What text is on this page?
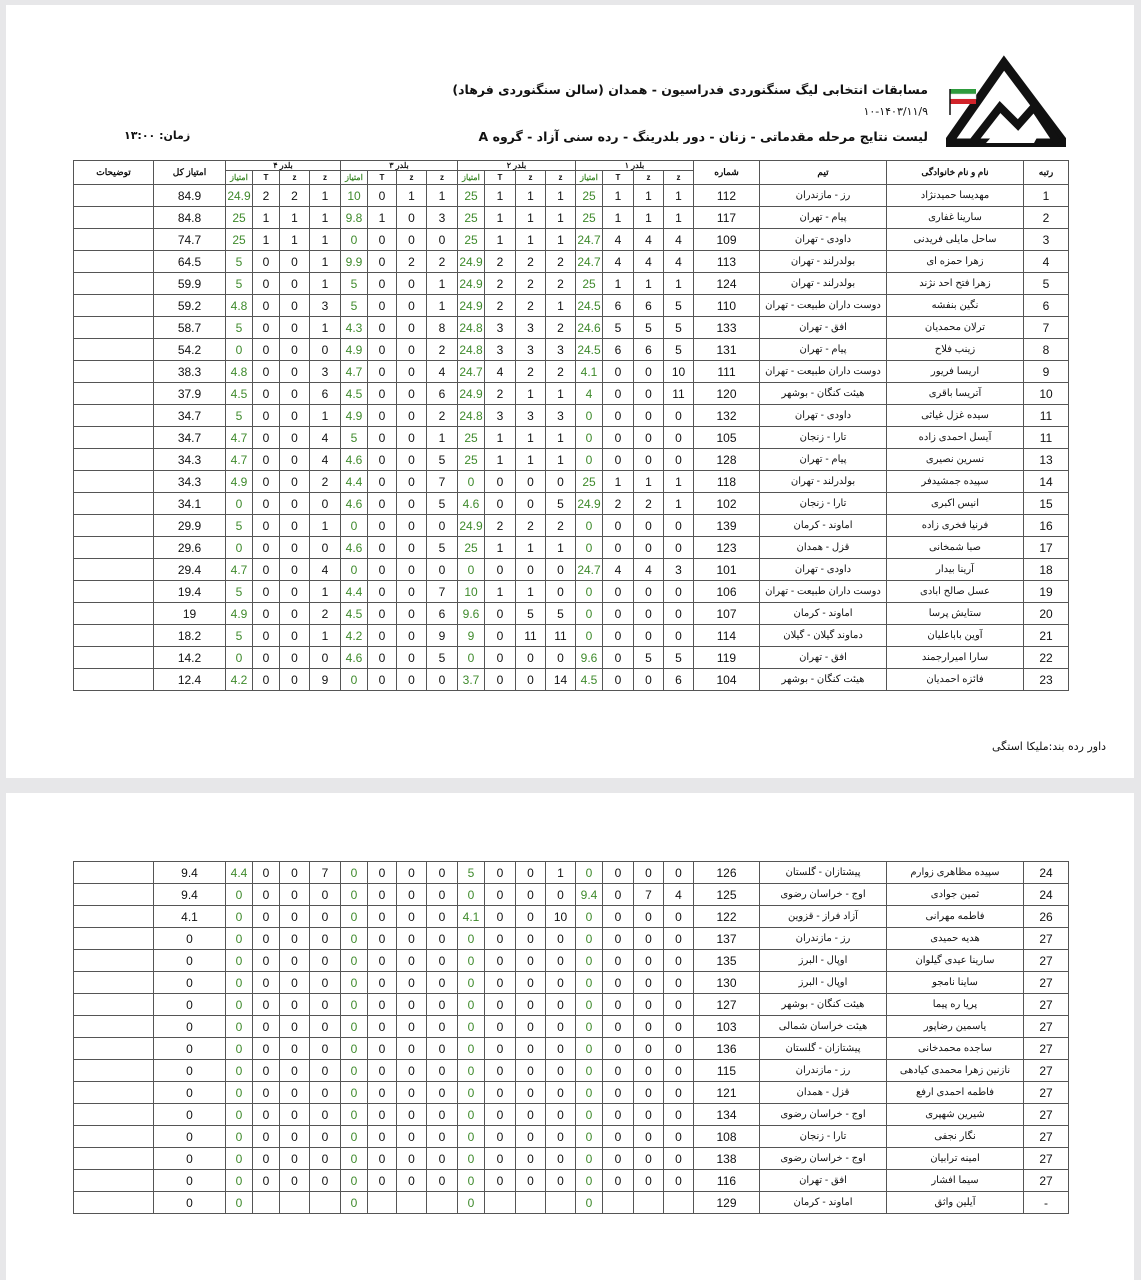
مسابقات انتخابی لیگ سنگنوردی فدراسیون - همدان (سالن سنگنوردی فرهاد)
۱۰-۱۴۰۳/۱۱/۹
لیست نتایج مرحله مقدماتی - زنان - دور بلدرینگ - رده سنی آزاد - گروه A
زمان: ۱۳:۰۰
توضیحات	امتیاز کل	بلدر ۴				بلدر ۳				بلدر ۲				بلدر ۱				شماره	تیم	نام و نام خانوادگی	رتبه
		امتیاز	T	z	z	امتیاز	T	z	z	امتیاز	T	z	z	امتیاز	T	z	z				
	84.9	24.9	2	2	1	10	0	1	1	25	1	1	1	25	1	1	1	112	رز - مازندران	مهدیسا حمیدنژاد	1
	84.8	25	1	1	1	9.8	1	0	3	25	1	1	1	25	1	1	1	117	پیام - تهران	سارینا غفاری	2
	74.7	25	1	1	1	0	0	0	0	25	1	1	1	24.7	4	4	4	109	داودی - تهران	ساحل مایلی فریدنی	3
	64.5	5	0	0	1	9.9	0	2	2	24.9	2	2	2	24.7	4	4	4	113	بولدرلند - تهران	زهرا حمزه ای	4
	59.9	5	0	0	1	5	0	0	1	24.9	2	2	2	25	1	1	1	124	بولدرلند - تهران	زهرا فتح احد نژند	5
	59.2	4.8	0	0	3	5	0	0	1	24.9	2	2	1	24.5	6	6	5	110	دوست داران طبیعت - تهران	نگین بنفشه	6
	58.7	5	0	0	1	4.3	0	0	8	24.8	3	3	2	24.6	5	5	5	133	افق - تهران	ترلان محمدیان	7
	54.2	0	0	0	0	4.9	0	0	2	24.8	3	3	3	24.5	6	6	5	131	پیام - تهران	زینب فلاح	8
	38.3	4.8	0	0	3	4.7	0	0	4	24.7	4	2	2	4.1	0	0	10	111	دوست داران طبیعت - تهران	اریسا فریور	9
	37.9	4.5	0	0	6	4.5	0	0	6	24.9	2	1	1	4	0	0	11	120	هیئت کنگان - بوشهر	آتریسا باقری	10
	34.7	5	0	0	1	4.9	0	0	2	24.8	3	3	3	0	0	0	0	132	داودی - تهران	سیده غزل غیاثی	11
	34.7	4.7	0	0	4	5	0	0	1	25	1	1	1	0	0	0	0	105	تارا - زنجان	آیسل احمدی زاده	11
	34.3	4.7	0	0	4	4.6	0	0	5	25	1	1	1	0	0	0	0	128	پیام - تهران	نسرین نصیری	13
	34.3	4.9	0	0	2	4.4	0	0	7	0	0	0	0	25	1	1	1	118	بولدرلند - تهران	سپیده جمشیدفر	14
	34.1	0	0	0	0	4.6	0	0	5	4.6	0	0	5	24.9	2	2	1	102	تارا - زنجان	انیس اکبری	15
	29.9	5	0	0	1	0	0	0	0	24.9	2	2	2	0	0	0	0	139	اماوند - کرمان	فرنیا فخری زاده	16
	29.6	0	0	0	0	4.6	0	0	5	25	1	1	1	0	0	0	0	123	قزل - همدان	صبا شمخانی	17
	29.4	4.7	0	0	4	0	0	0	0	0	0	0	0	24.7	4	4	3	101	داودی - تهران	آرینا بیدار	18
	19.4	5	0	0	1	4.4	0	0	7	10	1	1	0	0	0	0	0	106	دوست داران طبیعت - تهران	عسل صالح ابادی	19
	19	4.9	0	0	2	4.5	0	0	6	9.6	0	5	5	0	0	0	0	107	اماوند - کرمان	ستایش پرسا	20
	18.2	5	0	0	1	4.2	0	0	9	9	0	11	11	0	0	0	0	114	دماوند گیلان - گیلان	آوین باباعلیان	21
	14.2	0	0	0	0	4.6	0	0	5	0	0	0	0	9.6	0	5	5	119	افق - تهران	سارا امیرارجمند	22
	12.4	4.2	0	0	9	0	0	0	0	3.7	0	0	14	4.5	0	0	6	104	هیئت کنگان - بوشهر	فائزه احمدیان	23
داور رده بند:ملیکا استگی
	9.4	4.4	0	0	7	0	0	0	0	5	0	0	1	0	0	0	0	126	پیشتازان - گلستان	سپیده مظاهری زوارم	24
	9.4	0	0	0	0	0	0	0	0	0	0	0	0	9.4	0	7	4	125	اوج - خراسان رضوی	ثمین جوادی	24
	4.1	0	0	0	0	0	0	0	0	4.1	0	0	10	0	0	0	0	122	آزاد فراز - قزوین	فاطمه مهرانی	26
	0	0	0	0	0	0	0	0	0	0	0	0	0	0	0	0	0	137	رز - مازندران	هدیه حمیدی	27
	0	0	0	0	0	0	0	0	0	0	0	0	0	0	0	0	0	135	اوپال - البرز	سارینا عیدی گیلوان	27
	0	0	0	0	0	0	0	0	0	0	0	0	0	0	0	0	0	130	اوپال - البرز	ساینا نامجو	27
	0	0	0	0	0	0	0	0	0	0	0	0	0	0	0	0	0	127	هیئت کنگان - بوشهر	پریا ره پیما	27
	0	0	0	0	0	0	0	0	0	0	0	0	0	0	0	0	0	103	هیئت خراسان شمالی	یاسمین رضاپور	27
	0	0	0	0	0	0	0	0	0	0	0	0	0	0	0	0	0	136	پیشتازان - گلستان	ساجده محمدخانی	27
	0	0	0	0	0	0	0	0	0	0	0	0	0	0	0	0	0	115	رز - مازندران	نازنین زهرا محمدی کیادهی	27
	0	0	0	0	0	0	0	0	0	0	0	0	0	0	0	0	0	121	قزل - همدان	فاطمه احمدی ارفع	27
	0	0	0	0	0	0	0	0	0	0	0	0	0	0	0	0	0	134	اوج - خراسان رضوی	شیرین شهپری	27
	0	0	0	0	0	0	0	0	0	0	0	0	0	0	0	0	0	108	تارا - زنجان	نگار نجفی	27
	0	0	0	0	0	0	0	0	0	0	0	0	0	0	0	0	0	138	اوج - خراسان رضوی	امینه ترابیان	27
	0	0	0	0	0	0	0	0	0	0	0	0	0	0	0	0	0	116	افق - تهران	سیما افشار	27
	0	0				0				0				0				129	اماوند - کرمان	آیلین واثق	-
